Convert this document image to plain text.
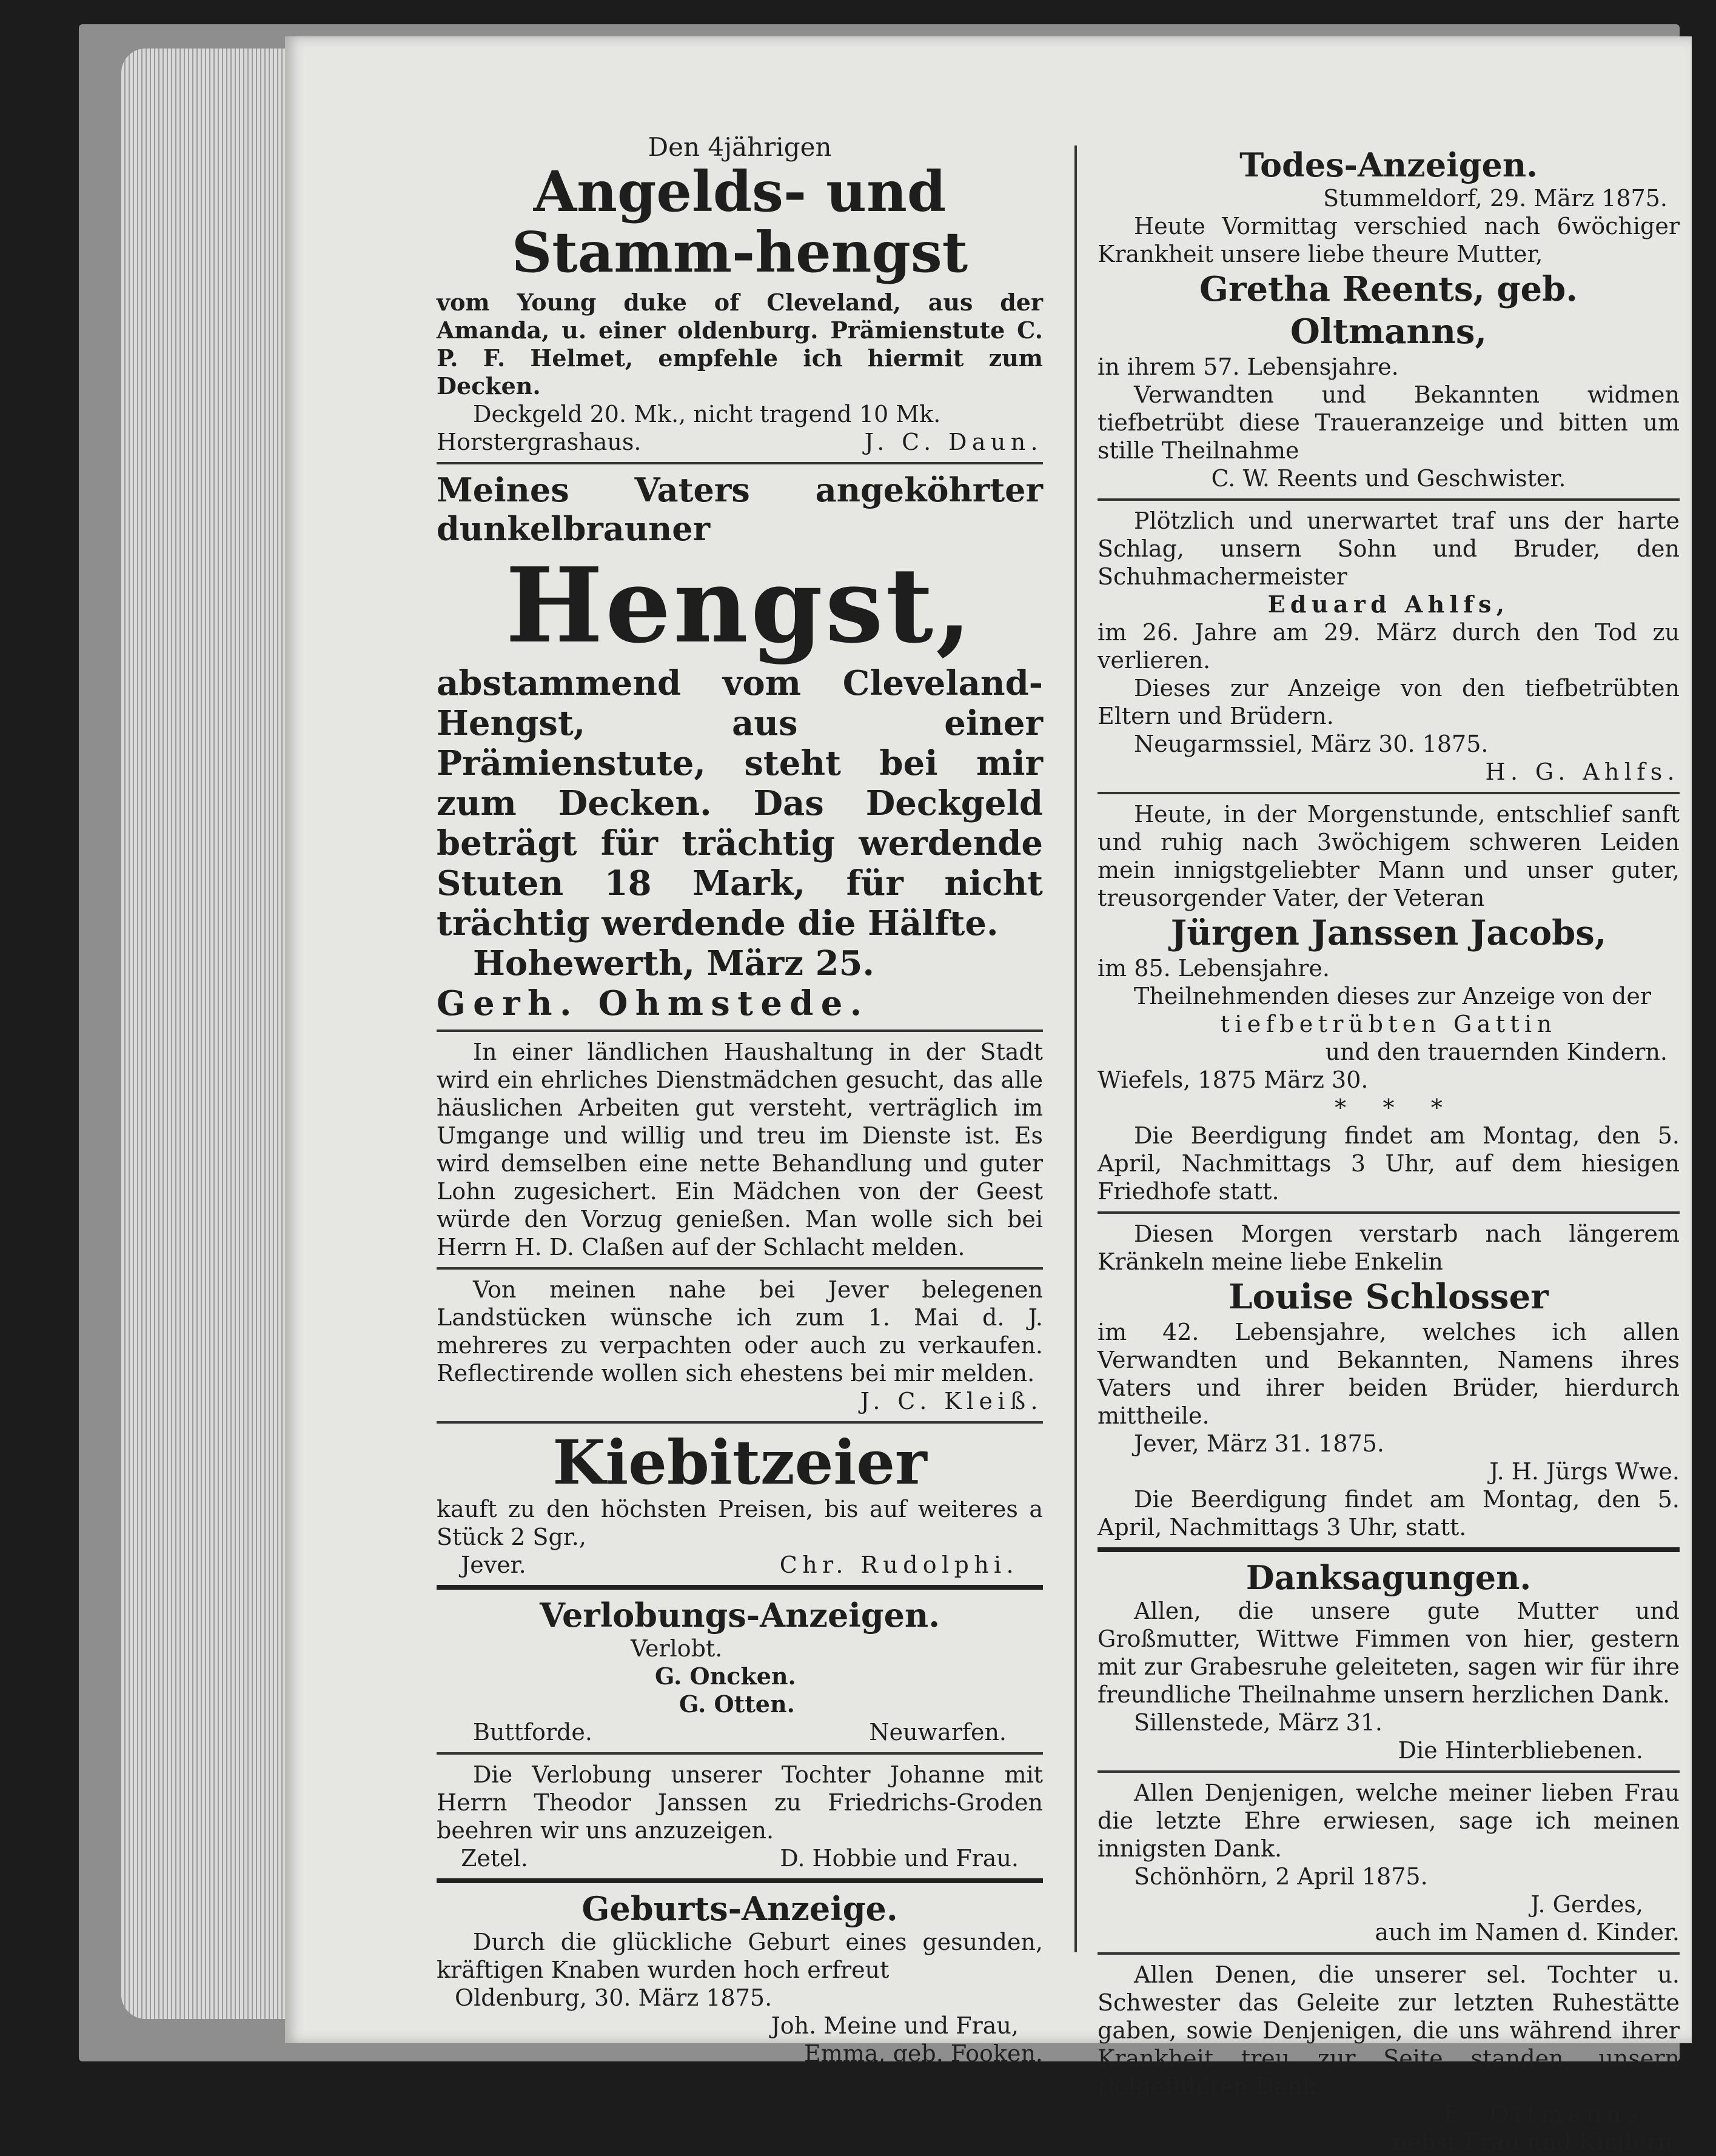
Den 4jährigen

Angelds- und Stamm-hengst

vom Young duke of Cleveland, aus der Amanda, u. einer oldenburg. Prämienstute C. P. F. Helmet, empfehle ich hiermit zum Decken.

Deckgeld 20. Mk., nicht tragend 10 Mk.

Horstergrashaus.	J. C. Daun.

Meines Vaters angeköhrter dunkelbrauner

Hengst,

abstammend vom Cleveland-Hengst, aus einer Prämienstute, steht bei mir zum Decken. Das Deckgeld beträgt für trächtig werdende Stuten 18 Mark, für nicht trächtig werdende die Hälfte.

Hohewerth, März 25.

Gerh. Ohmstede.

In einer ländlichen Haushaltung in der Stadt wird ein ehrliches Dienstmädchen gesucht, das alle häuslichen Arbeiten gut versteht, verträglich im Umgange und willig und treu im Dienste ist. Es wird demselben eine nette Behandlung und guter Lohn zugesichert. Ein Mädchen von der Geest würde den Vorzug genießen. Man wolle sich bei Herrn H. D. Claßen auf der Schlacht melden.

Von meinen nahe bei Jever belegenen Landstücken wünsche ich zum 1. Mai d. J. mehreres zu verpachten oder auch zu verkaufen. Reflectirende wollen sich ehestens bei mir melden.

J. C. Kleiß.

Kiebitzeier

kauft zu den höchsten Preisen, bis auf weiteres a Stück 2 Sgr.,

Jever.	Chr. Rudolphi.

Verlobungs-Anzeigen.

Verlobt.

G. Oncken.

G. Otten.

Buttforde.	Neuwarfen.

Die Verlobung unserer Tochter Johanne mit Herrn Theodor Janssen zu Friedrichs-Groden beehren wir uns anzuzeigen.

Zetel.	D. Hobbie und Frau.

Geburts-Anzeige.

Durch die glückliche Geburt eines gesunden, kräftigen Knaben wurden hoch erfreut

Oldenburg, 30. März 1875.

Joh. Meine und Frau,

Emma, geb. Fooken.

Todes-Anzeigen.

Stummeldorf, 29. März 1875.

Heute Vormittag verschied nach 6wöchiger Krankheit unsere liebe theure Mutter,

Gretha Reents, geb. Oltmanns,

in ihrem 57. Lebensjahre.

Verwandten und Bekannten widmen tiefbetrübt diese Traueranzeige und bitten um stille Theilnahme

C. W. Reents und Geschwister.

Plötzlich und unerwartet traf uns der harte Schlag, unsern Sohn und Bruder, den Schuhmachermeister

Eduard Ahlfs,

im 26. Jahre am 29. März durch den Tod zu verlieren.

Dieses zur Anzeige von den tiefbetrübten Eltern und Brüdern.

Neugarmssiel, März 30. 1875.

H. G. Ahlfs.

Heute, in der Morgenstunde, entschlief sanft und ruhig nach 3wöchigem schweren Leiden mein innigstgeliebter Mann und unser guter, treusorgender Vater, der Veteran

Jürgen Janssen Jacobs,

im 85. Lebensjahre.

Theilnehmenden dieses zur Anzeige von der

tiefbetrübten Gattin

und den trauernden Kindern.

Wiefels, 1875 März 30.

*     *     *

Die Beerdigung findet am Montag, den 5. April, Nachmittags 3 Uhr, auf dem hiesigen Friedhofe statt.

Diesen Morgen verstarb nach längerem Kränkeln meine liebe Enkelin

Louise Schlosser

im 42. Lebensjahre, welches ich allen Verwandten und Bekannten, Namens ihres Vaters und ihrer beiden Brüder, hierdurch mittheile.

Jever, März 31. 1875.

J. H. Jürgs Wwe.

Die Beerdigung findet am Montag, den 5. April, Nachmittags 3 Uhr, statt.

Danksagungen.

Allen, die unsere gute Mutter und Großmutter, Wittwe Fimmen von hier, gestern mit zur Grabesruhe geleiteten, sagen wir für ihre freundliche Theilnahme unsern herzlichen Dank.

Sillenstede, März 31.

Die Hinterbliebenen.

Allen Denjenigen, welche meiner lieben Frau die letzte Ehre erwiesen, sage ich meinen innigsten Dank.

Schönhörn, 2 April 1875.

J. Gerdes,

auch im Namen d. Kinder.

Allen Denen, die unserer sel. Tochter u. Schwester das Geleite zur letzten Ruhestätte gaben, sowie Denjenigen, die uns während ihrer Krankheit treu zur Seite standen, unsern tiefgefühlten Dank.

E. Oltmanns

nebst Frau und Kindern.
